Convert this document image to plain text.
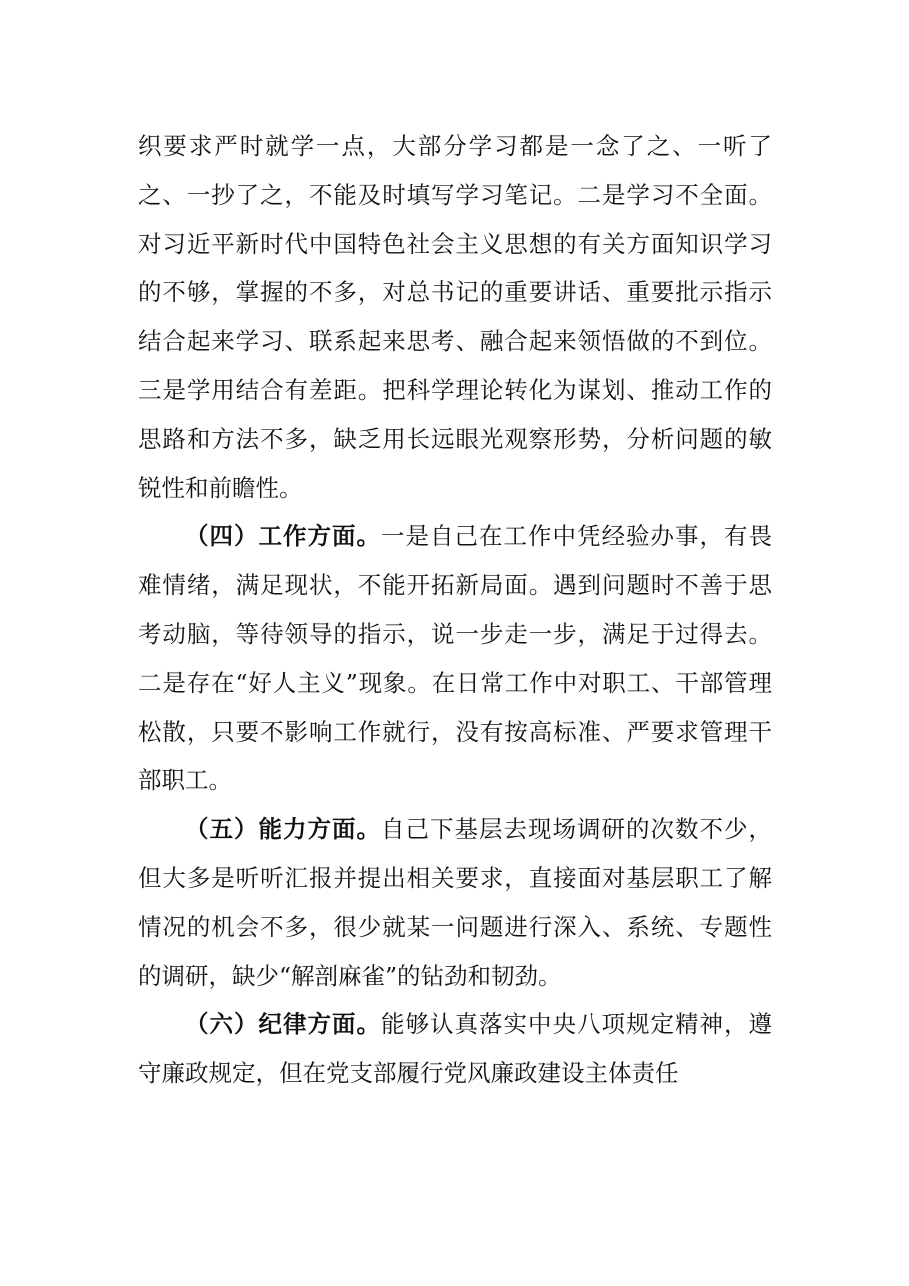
织要求严时就学一点，大部分学习都是一念了之、一听了之、一抄了之，不能及时填写学习笔记。二是学习不全面。对习近平新时代中国特色社会主义思想的有关方面知识学习的不够，掌握的不多，对总书记的重要讲话、重要批示指示结合起来学习、联系起来思考、融合起来领悟做的不到位。三是学用结合有差距。把科学理论转化为谋划、推动工作的思路和方法不多，缺乏用长远眼光观察形势，分析问题的敏锐性和前瞻性。

（四）工作方面。一是自己在工作中凭经验办事，有畏难情绪，满足现状，不能开拓新局面。遇到问题时不善于思考动脑，等待领导的指示，说一步走一步，满足于过得去。二是存在“好人主义”现象。在日常工作中对职工、干部管理松散，只要不影响工作就行，没有按高标准、严要求管理干部职工。

（五）能力方面。自己下基层去现场调研的次数不少，但大多是听听汇报并提出相关要求，直接面对基层职工了解情况的机会不多，很少就某一问题进行深入、系统、专题性的调研，缺少“解剖麻雀”的钻劲和韧劲。

（六）纪律方面。能够认真落实中央八项规定精神，遵守廉政规定，但在党支部履行党风廉政建设主体责任
